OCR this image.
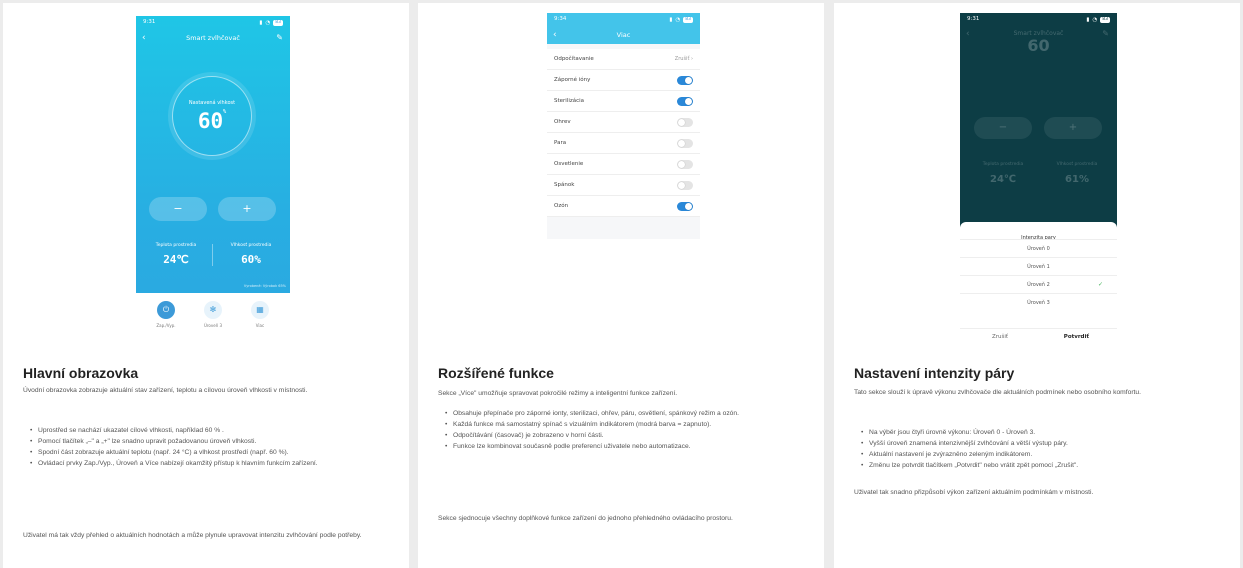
9:31	▮ ◔	83
‹	Smart zvlhčovač	✎
Nastavená vlhkost
60%
−	+
Teplota prostredia
24℃
Vlhkosť prostredia
60%
Vyrobené: Výrobok 65%
⏻
Zap./Vyp.
✻
Úroveň 3
▦
Viac
Hlavní obrazovka
Úvodní obrazovka zobrazuje aktuální stav zařízení, teplotu a cílovou úroveň vlhkosti v místnosti.
• Uprostřed se nachází ukazatel cílové vlhkosti, například 60 % .
• Pomocí tlačítek „–" a „+" lze snadno upravit požadovanou úroveň vlhkosti.
• Spodní část zobrazuje aktuální teplotu (např. 24 °C) a vlhkost prostředí (např. 60 %).
• Ovládací prvky Zap./Vyp., Úroveň a Více nabízejí okamžitý přístup k hlavním funkcím zařízení.
Uživatel má tak vždy přehled o aktuálních hodnotách a může plynule upravovat intenzitu zvlhčování podle potřeby.
9:34	▮ ◔	83
‹	Viac
Odpočítavanie	Zrušiť ›
Záporné ióny
Sterilizácia
Ohrev
Para
Osvetlenie
Spánok
Ozón
Rozšířené funkce
Sekce „Více" umožňuje spravovat pokročilé režimy a inteligentní funkce zařízení.
• Obsahuje přepínače pro záporné ionty, sterilizaci, ohřev, páru, osvětlení, spánkový režim a ozón.
• Každá funkce má samostatný spínač s vizuálním indikátorem (modrá barva = zapnuto).
• Odpočítávání (časovač) je zobrazeno v horní části.
• Funkce lze kombinovat současně podle preferencí uživatele nebo automatizace.
Sekce sjednocuje všechny doplňkové funkce zařízení do jednoho přehledného ovládacího prostoru.
9:31	▮ ◔	83
Smart zvlhčovač
60
‹	✎
−	+
Teplota prostredia
24℃
Vlhkosť prostredia
61%
Intenzita pary
Úroveň 0
Úroveň 1
Úroveň 2	✓
Úroveň 3
Zrušiť	Potvrdiť
Nastavení intenzity páry
Tato sekce slouží k úpravě výkonu zvlhčovače dle aktuálních podmínek nebo osobního komfortu.
• Na výběr jsou čtyři úrovně výkonu: Úroveň 0 - Úroveň 3.
• Vyšší úroveň znamená intenzivnější zvlhčování a větší výstup páry.
• Aktuální nastavení je zvýrazněno zeleným indikátorem.
• Změnu lze potvrdit tlačítkem „Potvrdit" nebo vrátit zpět pomocí „Zrušit".
Uživatel tak snadno přizpůsobí výkon zařízení aktuálním podmínkám v místnosti.
